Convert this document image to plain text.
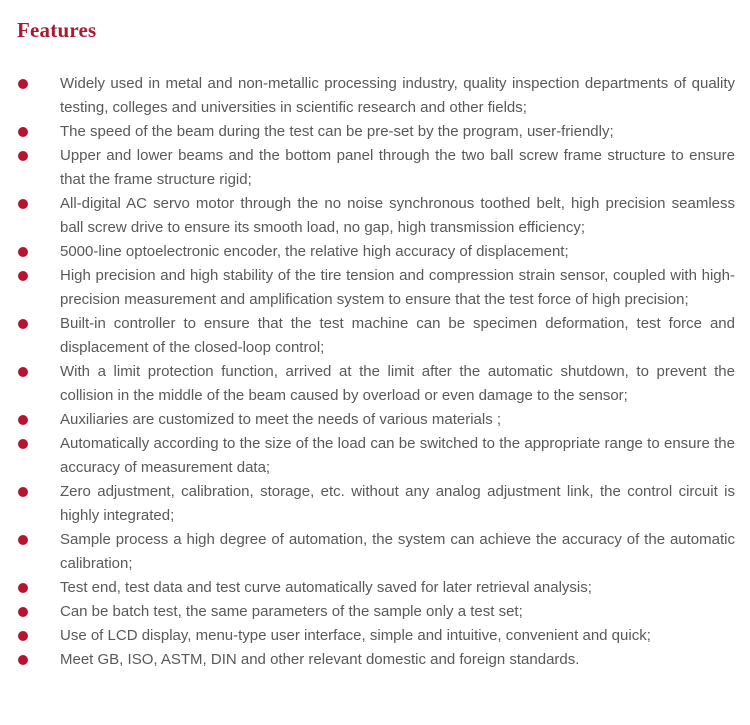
Features
Widely used in metal and non-metallic processing industry, quality inspection departments of quality testing, colleges and universities in scientific research and other fields;
The speed of the beam during the test can be pre-set by the program, user-friendly;
Upper and lower beams and the bottom panel through the two ball screw frame structure to ensure that the frame structure rigid;
All-digital AC servo motor through the no noise synchronous toothed belt, high precision seamless ball screw drive to ensure its smooth load, no gap, high transmission efficiency;
5000-line optoelectronic encoder, the relative high accuracy of displacement;
High precision and high stability of the tire tension and compression strain sensor, coupled with high-precision measurement and amplification system to ensure that the test force of high precision;
Built-in controller to ensure that the test machine can be specimen deformation, test force and displacement of the closed-loop control;
With a limit protection function, arrived at the limit after the automatic shutdown, to prevent the collision in the middle of the beam caused by overload or even damage to the sensor;
Auxiliaries are customized to meet the needs of various materials ;
Automatically according to the size of the load can be switched to the appropriate range to ensure the accuracy of measurement data;
Zero adjustment, calibration, storage, etc. without any analog adjustment link, the control circuit is highly integrated;
Sample process a high degree of automation, the system can achieve the accuracy of the automatic calibration;
Test end, test data and test curve automatically saved for later retrieval analysis;
Can be batch test, the same parameters of the sample only a test set;
Use of LCD display, menu-type user interface, simple and intuitive, convenient and quick;
Meet GB, ISO, ASTM, DIN and other relevant domestic and foreign standards.
